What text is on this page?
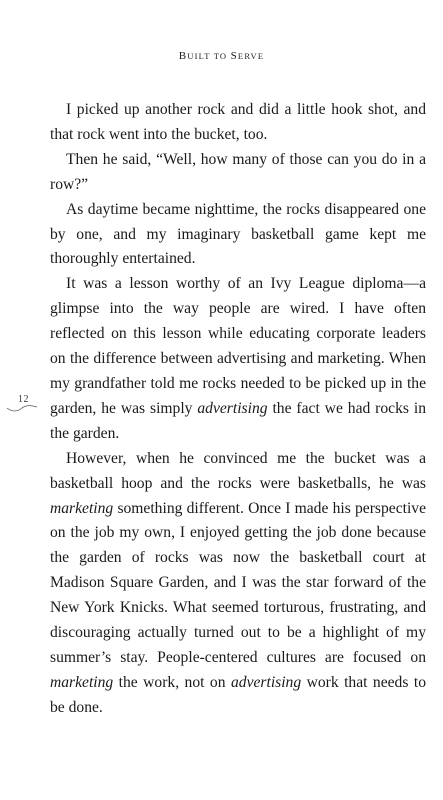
BUILT TO SERVE
12

I picked up another rock and did a little hook shot, and that rock went into the bucket, too.

Then he said, “Well, how many of those can you do in a row?”

As daytime became nighttime, the rocks disappeared one by one, and my imaginary basketball game kept me thoroughly entertained.

It was a lesson worthy of an Ivy League diploma—a glimpse into the way people are wired. I have often reflected on this lesson while educating corporate leaders on the difference between advertising and marketing. When my grandfather told me rocks needed to be picked up in the garden, he was simply advertising the fact we had rocks in the garden.

However, when he convinced me the bucket was a basketball hoop and the rocks were basketballs, he was marketing something different. Once I made his perspective on the job my own, I enjoyed getting the job done because the garden of rocks was now the basketball court at Madison Square Garden, and I was the star forward of the New York Knicks. What seemed torturous, frustrating, and discouraging actually turned out to be a highlight of my summer’s stay. People-centered cultures are focused on marketing the work, not on advertising work that needs to be done.
